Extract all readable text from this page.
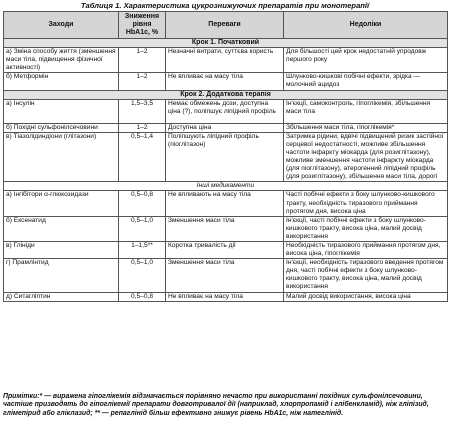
Таблиця 1. Характеристика цукрознижуючих препаратів при монотерапії
Заходи	Зниження рівня HbA1c, %	Переваги	Недоліки
Крок 1. Початковий			
а) Зміна способу життя (зменшення маси тіла, підвищення фізичної активності)	1–2	Незначні витрати, суттєва користь	Для більшості цей крок недостатній упродовж першого року
б) Метформін	1–2	Не впливає на масу тіла	Шлунково-кишкові побічні ефекти, зрідка — молочний ацидоз
Крок 2. Додаткова терапія			
а) Інсулін	1,5–3,5	Немає обмежень дози, доступна ціна (?), поліпшує ліпідний профіль	Ін'єкції, самоконтроль, гіпоглікемія, збільшення маси тіла
б) Похідні сульфонілсечовини	1–2	Доступна ціна	Збільшення маси тіла, гіпоглікемія*
в) Тіазолідиндіони (глітазони)	0,5–1,4	Поліпшують ліпідний профіль (піоглітазон)	Затримка рідини, вдвічі підвищений ризик застійної серцевої недостатності, можливе збільшення частоти інфаркту міокарда (для розиглітазону), можливе зменшення частоти інфаркту міокарда (для піоглітазону), атерогенний ліпідний профіль (для розиглітазону), збільшення маси тіла, дорогі
Інші медикаменти			
а) Інгібітори α-глюкозидази	0,5–0,8	Не впливають на масу тіла	Часті побічні ефекти з боку шлунково-кишкового тракту, необхідність тиразового приймання протягом дня, висока ціна
б) Ексенатид	0,5–1,0	Зменшення маси тіла	Ін'єкції, часті побічні ефекти з боку шлунково-кишкового тракту, висока ціна, малий досвід використання
в) Глініди	1–1,5**	Коротка тривалість дії	Необхідність тиразового приймання протягом дня, висока ціна, гіпоглікемія
г) Прамлінтид	0,5–1,0	Зменшення маси тіла	Ін'єкції, необхідність тиразового введення протягом дня, часті побічні ефекти з боку шлунково-кишкового тракту, висока ціна, малий досвід використання
д) Ситагліптин	0,5–0,8	Не впливає на масу тіла	Малий досвід використання, висока ціна
Примітки:* — виражена гіпоглікемія відзначається порівняно нечасто при використанні похідних сульфонілсечовини, частіше призводять до гіпоглікемії препарати довготривалої дії (наприклад, хлорпропамід і глібенкламід), ніж гліпізид, глімепірид або гліклазид; ** — репаглінід більш ефективно знижує рівень HbA1c, ніж натеглінід.
